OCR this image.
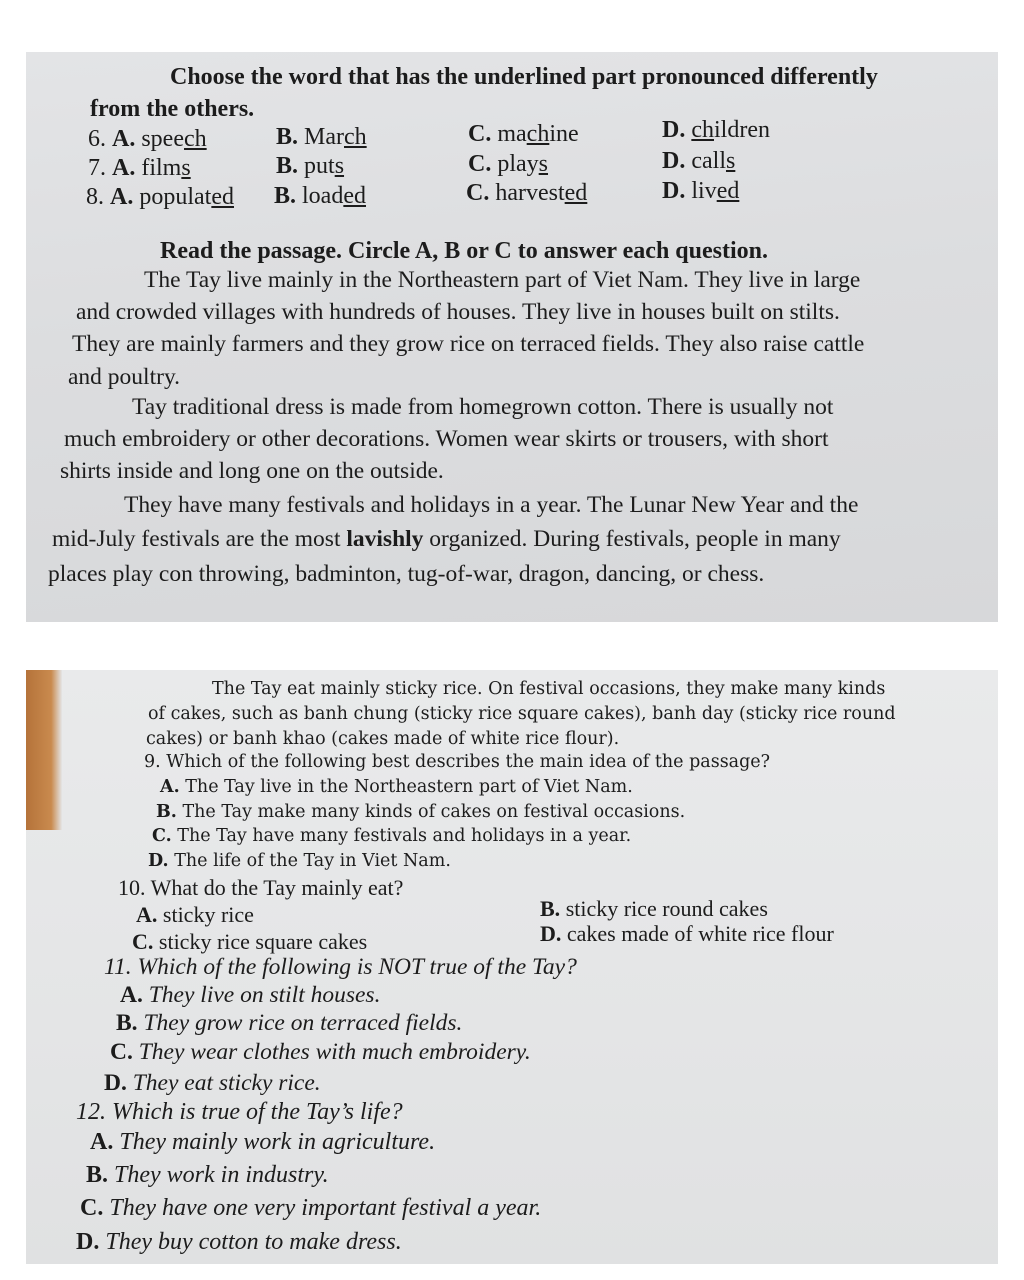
Choose the word that has the underlined part pronounced differently
from the others.
6. A. speech	B. March	C. machine	D. children
7. A. films	B. puts	C. plays	D. calls
8. A. populated B. loaded	C. harvested	D. lived
Read the passage. Circle A, B or C to answer each question.
The Tay live mainly in the Northeastern part of Viet Nam. They live in large
and crowded villages with hundreds of houses. They live in houses built on stilts.
They are mainly farmers and they grow rice on terraced fields. They also raise cattle
and poultry.
Tay traditional dress is made from homegrown cotton. There is usually not
much embroidery or other decorations. Women wear skirts or trousers, with short
shirts inside and long one on the outside.
They have many festivals and holidays in a year. The Lunar New Year and the
mid-July festivals are the most lavishly organized. During festivals, people in many
places play con throwing, badminton, tug-of-war, dragon, dancing, or chess.
The Tay eat mainly sticky rice. On festival occasions, they make many kinds
of cakes, such as banh chung (sticky rice square cakes), banh day (sticky rice round
cakes) or banh khao (cakes made of white rice flour).
9. Which of the following best describes the main idea of the passage?
A. The Tay live in the Northeastern part of Viet Nam.
B. The Tay make many kinds of cakes on festival occasions.
C. The Tay have many festivals and holidays in a year.
D. The life of the Tay in Viet Nam.
10. What do the Tay mainly eat?
A. sticky rice	B. sticky rice round cakes
C. sticky rice square cakes	D. cakes made of white rice flour
11. Which of the following is NOT true of the Tay?
A. They live on stilt houses.
B. They grow rice on terraced fields.
C. They wear clothes with much embroidery.
D. They eat sticky rice.
12. Which is true of the Tay’s life?
A. They mainly work in agriculture.
B. They work in industry.
C. They have one very important festival a year.
D. They buy cotton to make dress.
